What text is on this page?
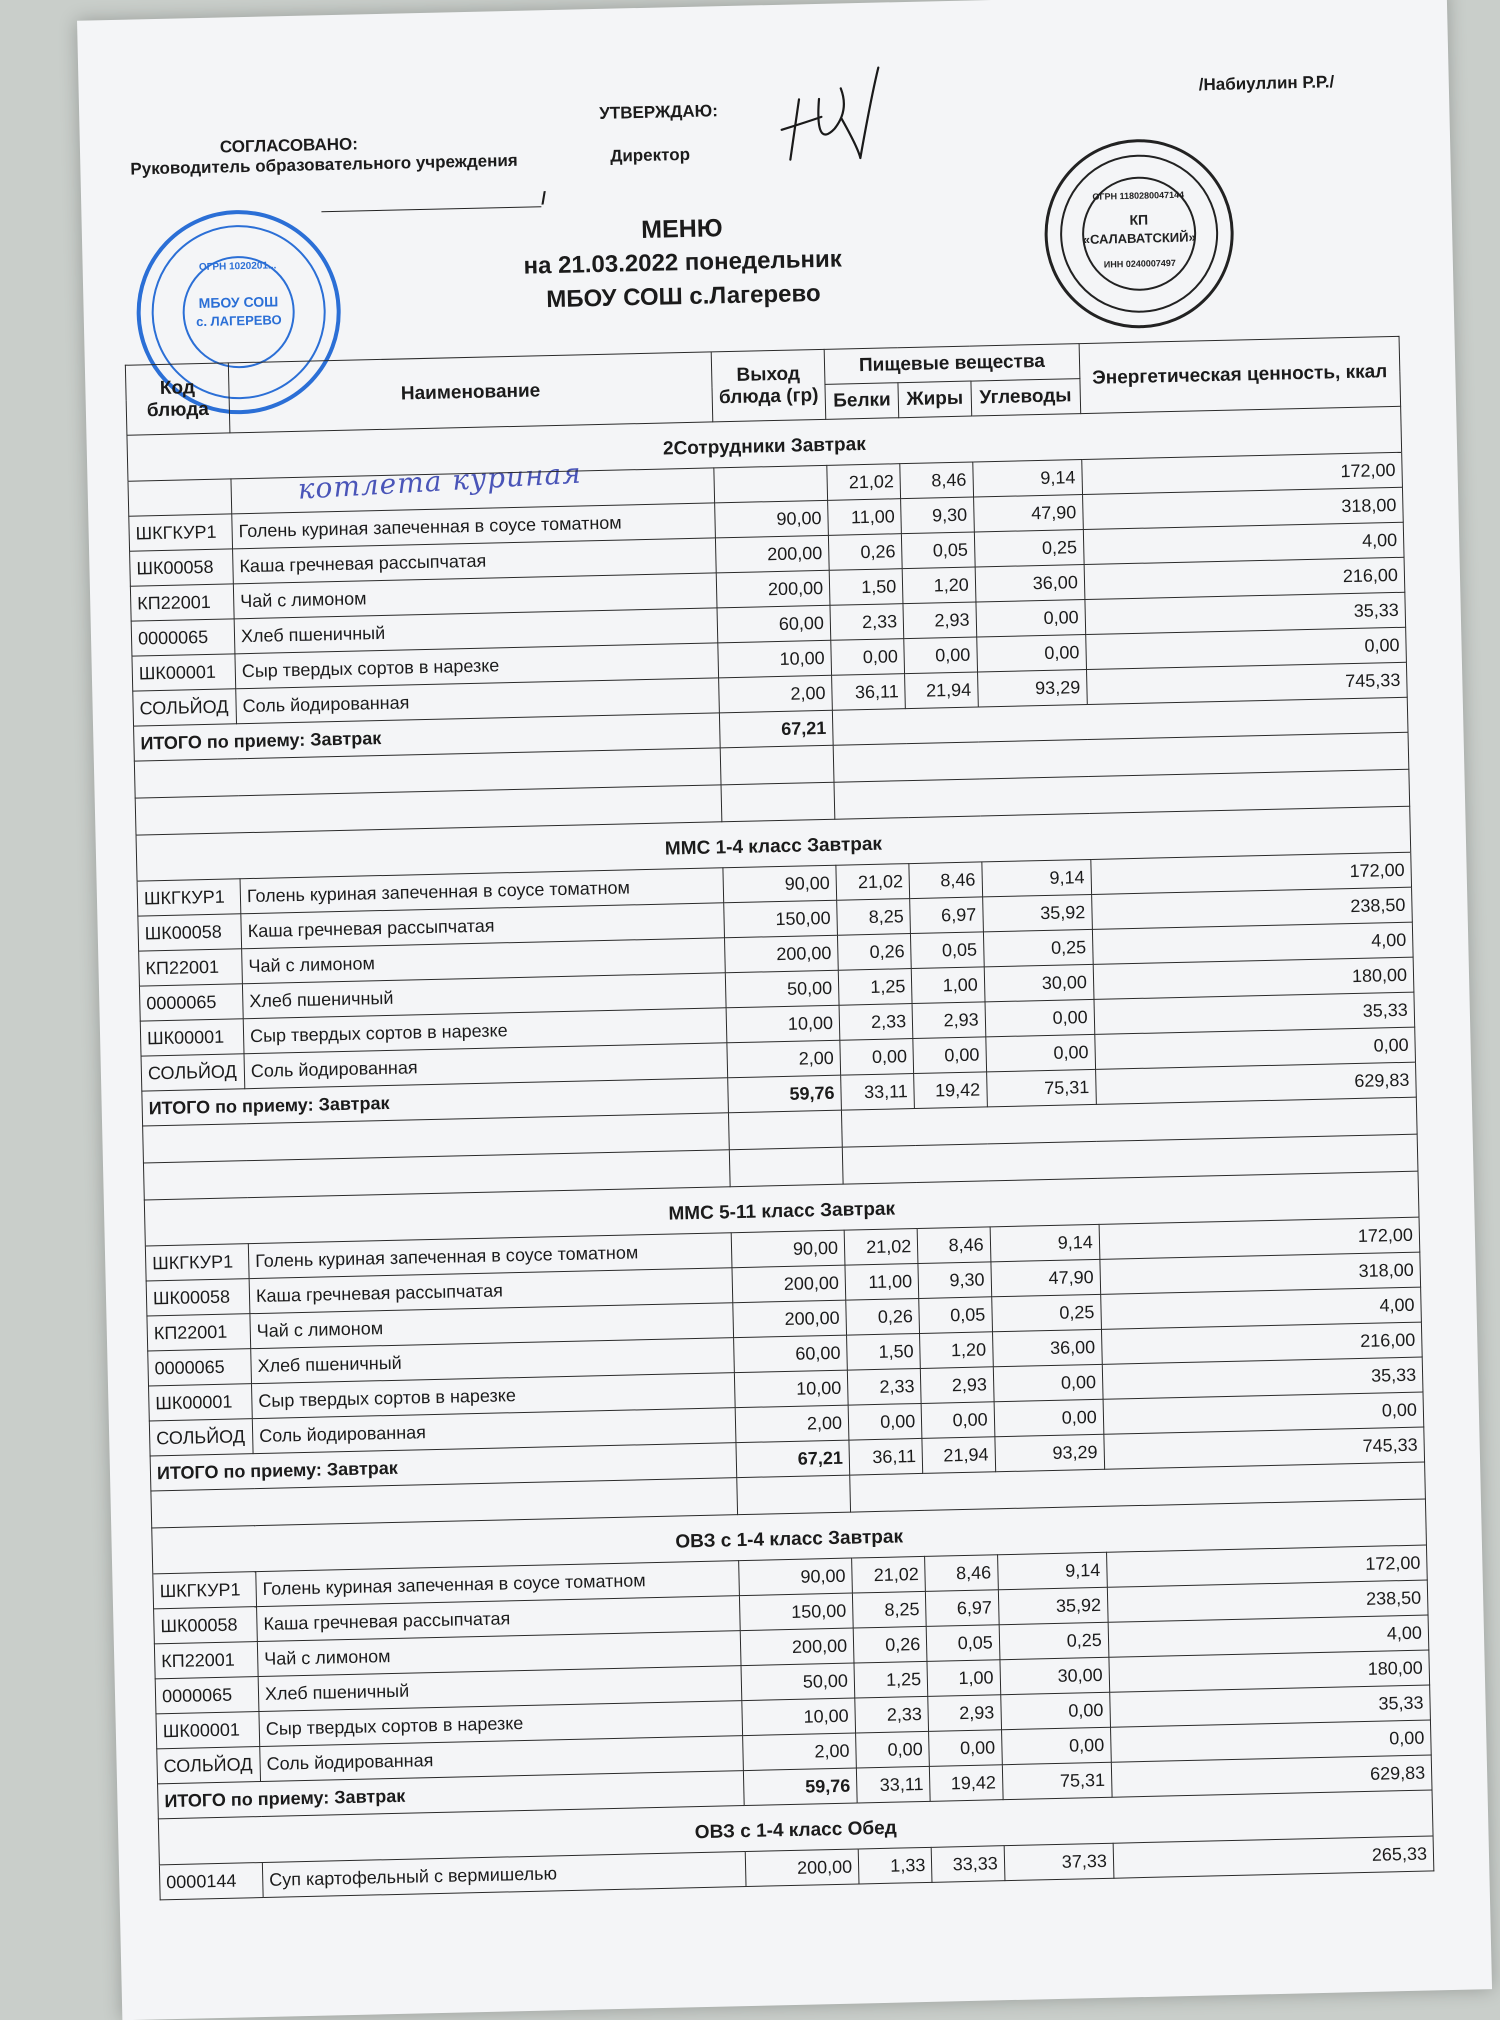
УТВЕРЖДАЮ:
Директор
/Набиуллин Р.Р./
СОГЛАСОВАНО:
Руководитель образовательного учреждения
/
МБОУ СОШ
с. ЛАГЕРЕВО
ОГРН 1020201...
КП
«САЛАВАТСКИЙ»
ОГРН 1180280047144
ИНН 0240007497
МЕНЮ
на 21.03.2022 понедельник
МБОУ СОШ с.Лагерево
котлета куриная
Код блюда	Наименование	Выход блюда (гр)	Пищевые вещества			Энергетическая ценность, ккал
			Белки	Жиры	Углеводы	
2Сотрудники Завтрак						
			21,02	8,46	9,14	172,00
ШКГКУР1	Голень куриная запеченная в соусе томатном	90,00	11,00	9,30	47,90	318,00
ШК00058	Каша гречневая рассыпчатая	200,00	0,26	0,05	0,25	4,00
КП22001	Чай с лимоном	200,00	1,50	1,20	36,00	216,00
0000065	Хлеб пшеничный	60,00	2,33	2,93	0,00	35,33
ШК00001	Сыр твердых сортов в нарезке	10,00	0,00	0,00	0,00	0,00
СОЛЬЙОД	Соль йодированная	2,00	36,11	21,94	93,29	745,33
ИТОГО по приему: Завтрак		67,21				

ММС 1-4 класс Завтрак						
ШКГКУР1	Голень куриная запеченная в соусе томатном	90,00	21,02	8,46	9,14	172,00
ШК00058	Каша гречневая рассыпчатая	150,00	8,25	6,97	35,92	238,50
КП22001	Чай с лимоном	200,00	0,26	0,05	0,25	4,00
0000065	Хлеб пшеничный	50,00	1,25	1,00	30,00	180,00
ШК00001	Сыр твердых сортов в нарезке	10,00	2,33	2,93	0,00	35,33
СОЛЬЙОД	Соль йодированная	2,00	0,00	0,00	0,00	0,00
ИТОГО по приему: Завтрак		59,76	33,11	19,42	75,31	629,83

ММС 5-11 класс Завтрак						
ШКГКУР1	Голень куриная запеченная в соусе томатном	90,00	21,02	8,46	9,14	172,00
ШК00058	Каша гречневая рассыпчатая	200,00	11,00	9,30	47,90	318,00
КП22001	Чай с лимоном	200,00	0,26	0,05	0,25	4,00
0000065	Хлеб пшеничный	60,00	1,50	1,20	36,00	216,00
ШК00001	Сыр твердых сортов в нарезке	10,00	2,33	2,93	0,00	35,33
СОЛЬЙОД	Соль йодированная	2,00	0,00	0,00	0,00	0,00
ИТОГО по приему: Завтрак		67,21	36,11	21,94	93,29	745,33

ОВЗ с 1-4 класс Завтрак						
ШКГКУР1	Голень куриная запеченная в соусе томатном	90,00	21,02	8,46	9,14	172,00
ШК00058	Каша гречневая рассыпчатая	150,00	8,25	6,97	35,92	238,50
КП22001	Чай с лимоном	200,00	0,26	0,05	0,25	4,00
0000065	Хлеб пшеничный	50,00	1,25	1,00	30,00	180,00
ШК00001	Сыр твердых сортов в нарезке	10,00	2,33	2,93	0,00	35,33
СОЛЬЙОД	Соль йодированная	2,00	0,00	0,00	0,00	0,00
ИТОГО по приему: Завтрак		59,76	33,11	19,42	75,31	629,83
ОВЗ с 1-4 класс Обед						
0000144	Суп картофельный с вермишелью	200,00	1,33	33,33	37,33	265,33
